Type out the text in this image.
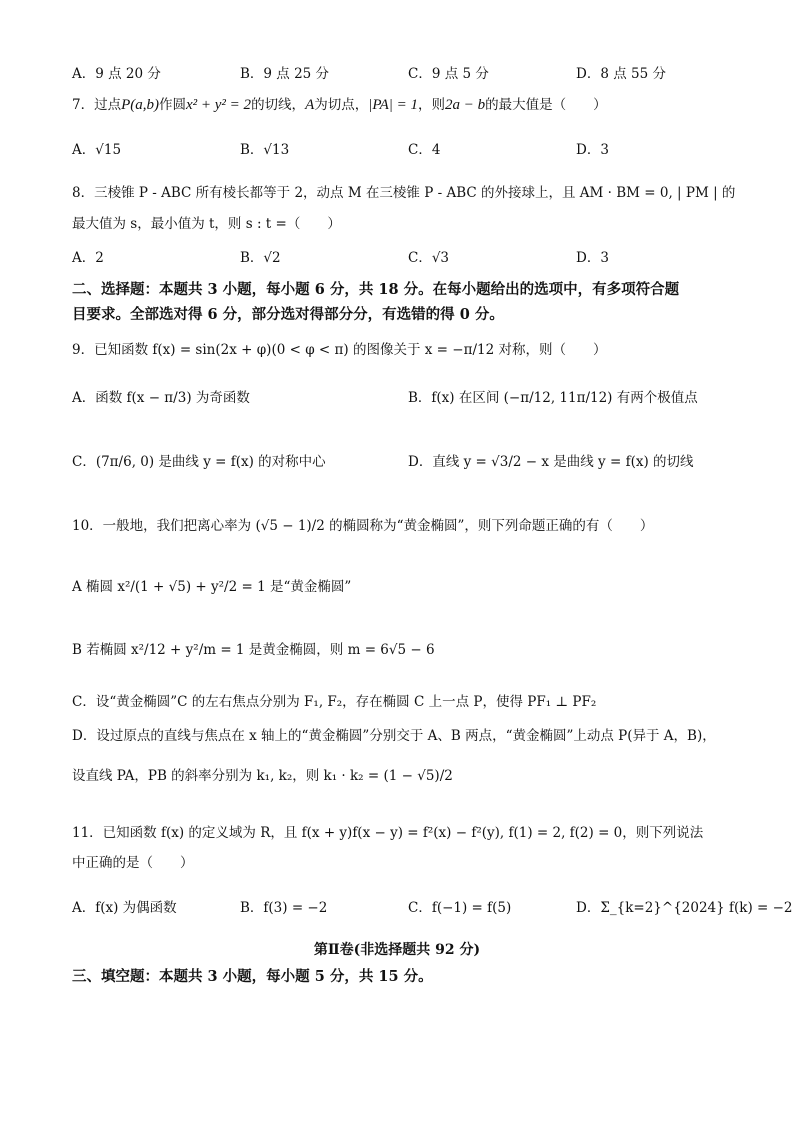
A．9 点 20 分	B．9 点 25 分	C．9 点 5 分	D．8 点 55 分
7．过点P(a,b)作圆x² + y² = 2的切线，A为切点，|PA| = 1，则2a − b的最大值是（　　）
A．√15	B．√13	C．4	D．3
8．三棱锥 P - ABC 所有棱长都等于 2，动点 M 在三棱锥 P - ABC 的外接球上，且 AM · BM = 0, | PM | 的
最大值为 s，最小值为 t，则 s : t =（　　）
A．2	B．√2	C．√3	D．3
二、选择题：本题共 3 小题，每小题 6 分，共 18 分。在每小题给出的选项中，有多项符合题
目要求。全部选对得 6 分，部分选对得部分分，有选错的得 0 分。
9．已知函数 f(x) = sin(2x + φ)(0 < φ < π) 的图像关于 x = −π/12 对称，则（　　）
A．函数 f(x − π/3) 为奇函数	B．f(x) 在区间 (−π/12, 11π/12) 有两个极值点
C．(7π/6, 0) 是曲线 y = f(x) 的对称中心	D．直线 y = √3/2 − x 是曲线 y = f(x) 的切线
10．一般地，我们把离心率为 (√5 − 1)/2 的椭圆称为“黄金椭圆”，则下列命题正确的有（　　）
A 椭圆 x²/(1 + √5) + y²/2 = 1 是“黄金椭圆”
B 若椭圆 x²/12 + y²/m = 1 是黄金椭圆，则 m = 6√5 − 6
C．设“黄金椭圆”C 的左右焦点分别为 F₁, F₂，存在椭圆 C 上一点 P，使得 PF₁ ⊥ PF₂
D．设过原点的直线与焦点在 x 轴上的“黄金椭圆”分别交于 A、B 两点，“黄金椭圆”上动点 P(异于 A，B)，
设直线 PA，PB 的斜率分别为 k₁, k₂，则 k₁ · k₂ = (1 − √5)/2
11．已知函数 f(x) 的定义域为 R，且 f(x + y)f(x − y) = f²(x) − f²(y), f(1) = 2, f(2) = 0，则下列说法
中正确的是（　　）
A．f(x) 为偶函数	B．f(3) = −2	C．f(−1) = f(5)	D．Σ_{k=2}^{2024} f(k) = −2
第Ⅱ卷(非选择题共 92 分)
三、填空题：本题共 3 小题，每小题 5 分，共 15 分。
